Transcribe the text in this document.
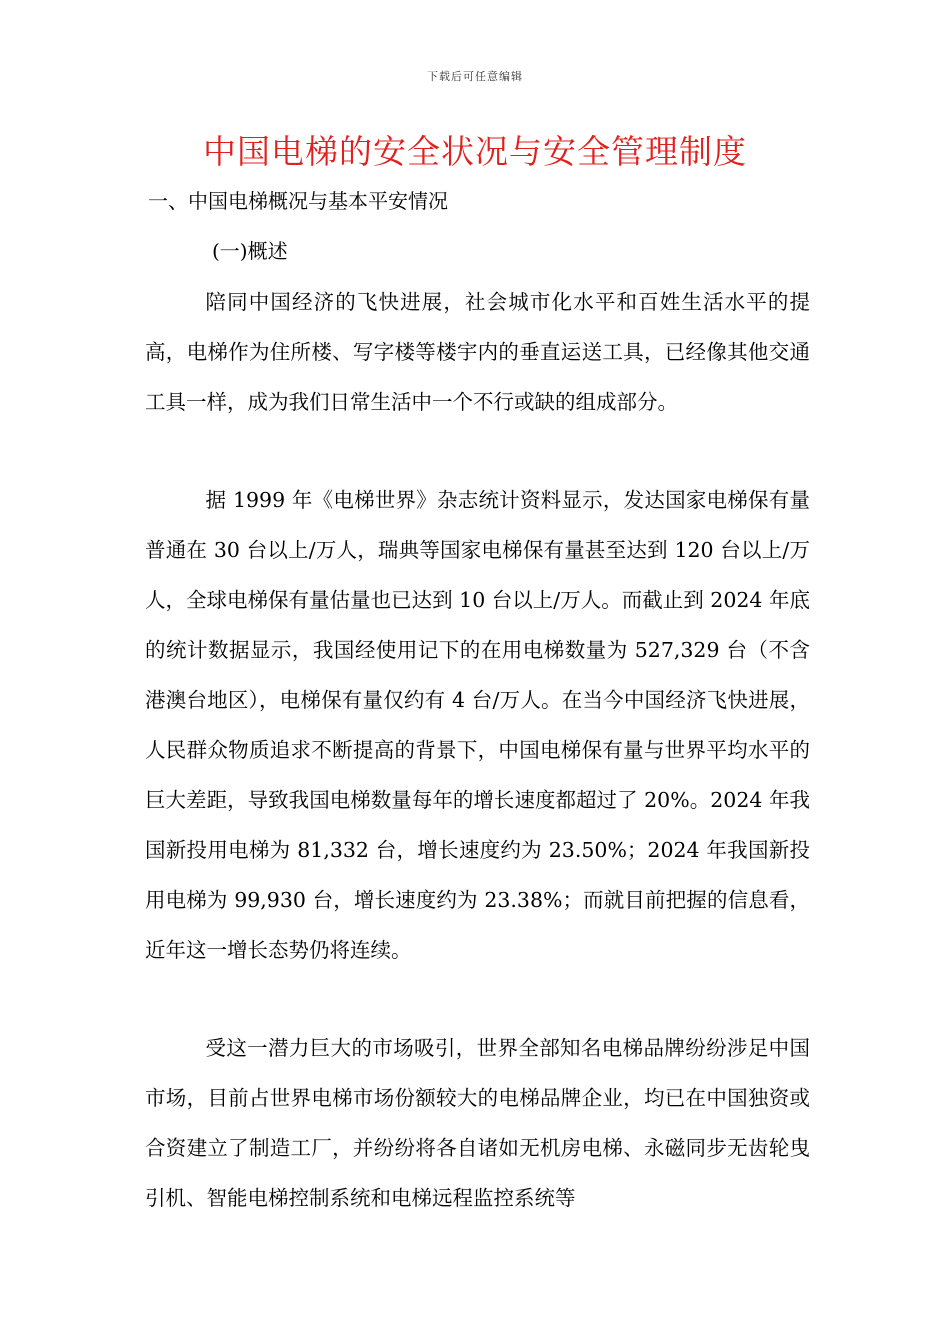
下载后可任意编辑
中国电梯的安全状况与安全管理制度
一、中国电梯概况与基本平安情况
(一)概述

陪同中国经济的飞快进展，社会城市化水平和百姓生活水平的提高，电梯作为住所楼、写字楼等楼宇内的垂直运送工具，已经像其他交通工具一样，成为我们日常生活中一个不行或缺的组成部分。

据 1999 年《电梯世界》杂志统计资料显示，发达国家电梯保有量普通在 30 台以上/万人，瑞典等国家电梯保有量甚至达到 120 台以上/万人，全球电梯保有量估量也已达到 10 台以上/万人。而截止到 2024 年底的统计数据显示，我国经使用记下的在用电梯数量为 527,329 台（不含港澳台地区），电梯保有量仅约有 4 台/万人。在当今中国经济飞快进展，人民群众物质追求不断提高的背景下，中国电梯保有量与世界平均水平的巨大差距，导致我国电梯数量每年的增长速度都超过了 20%。2024 年我国新投用电梯为 81,332 台，增长速度约为 23.50%；2024 年我国新投用电梯为 99,930 台，增长速度约为 23.38%；而就目前把握的信息看，近年这一增长态势仍将连续。

受这一潜力巨大的市场吸引，世界全部知名电梯品牌纷纷涉足中国市场，目前占世界电梯市场份额较大的电梯品牌企业，均已在中国独资或合资建立了制造工厂，并纷纷将各自诸如无机房电梯、永磁同步无齿轮曳引机、智能电梯控制系统和电梯远程监控系统等
